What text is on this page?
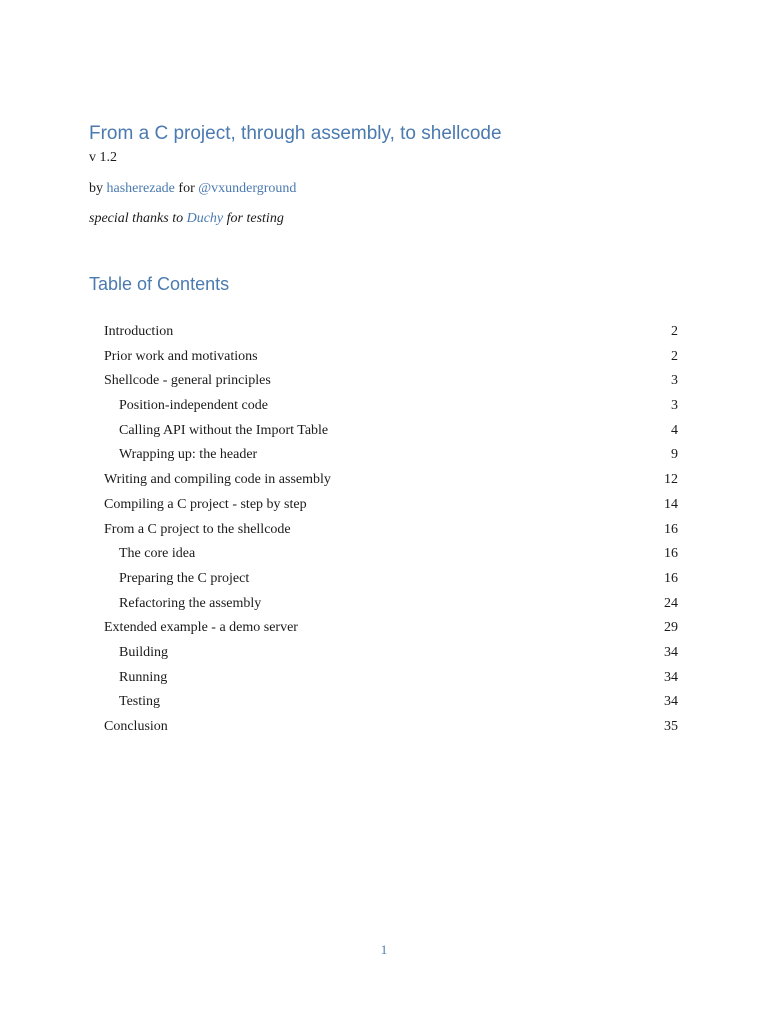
From a C project, through assembly, to shellcode
v 1.2
by hasherezade for @vxunderground
special thanks to Duchy for testing
Table of Contents
Introduction	2
Prior work and motivations	2
Shellcode - general principles	3
Position-independent code	3
Calling API without the Import Table	4
Wrapping up: the header	9
Writing and compiling code in assembly	12
Compiling a C project - step by step	14
From a C project to the shellcode	16
The core idea	16
Preparing the C project	16
Refactoring the assembly	24
Extended example - a demo server	29
Building	34
Running	34
Testing	34
Conclusion	35
1
